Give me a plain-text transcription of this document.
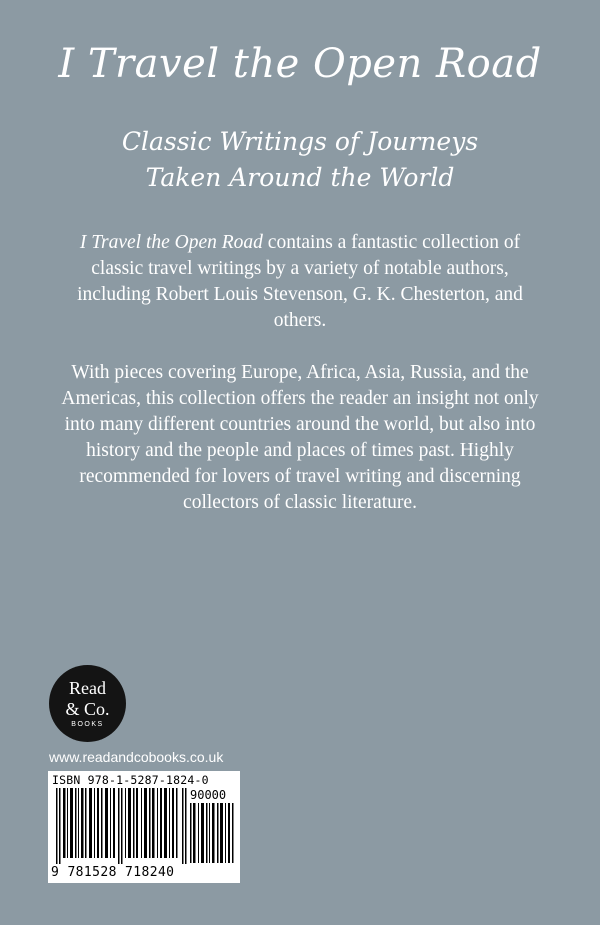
I Travel the Open Road
Classic Writings of Journeys
Taken Around the World

I Travel the Open Road contains a fantastic collection of classic travel writings by a variety of notable authors, including Robert Louis Stevenson, G. K. Chesterton, and others.

With pieces covering Europe, Africa, Asia, Russia, and the Americas, this collection offers the reader an insight not only into many different countries around the world, but also into history and the people and places of times past. Highly recommended for lovers of travel writing and discerning collectors of classic literature.

Read
& Co.
BOOKS
www.readandcobooks.co.uk
ISBN 978-1-5287-1824-0
90000
9 781528 718240
